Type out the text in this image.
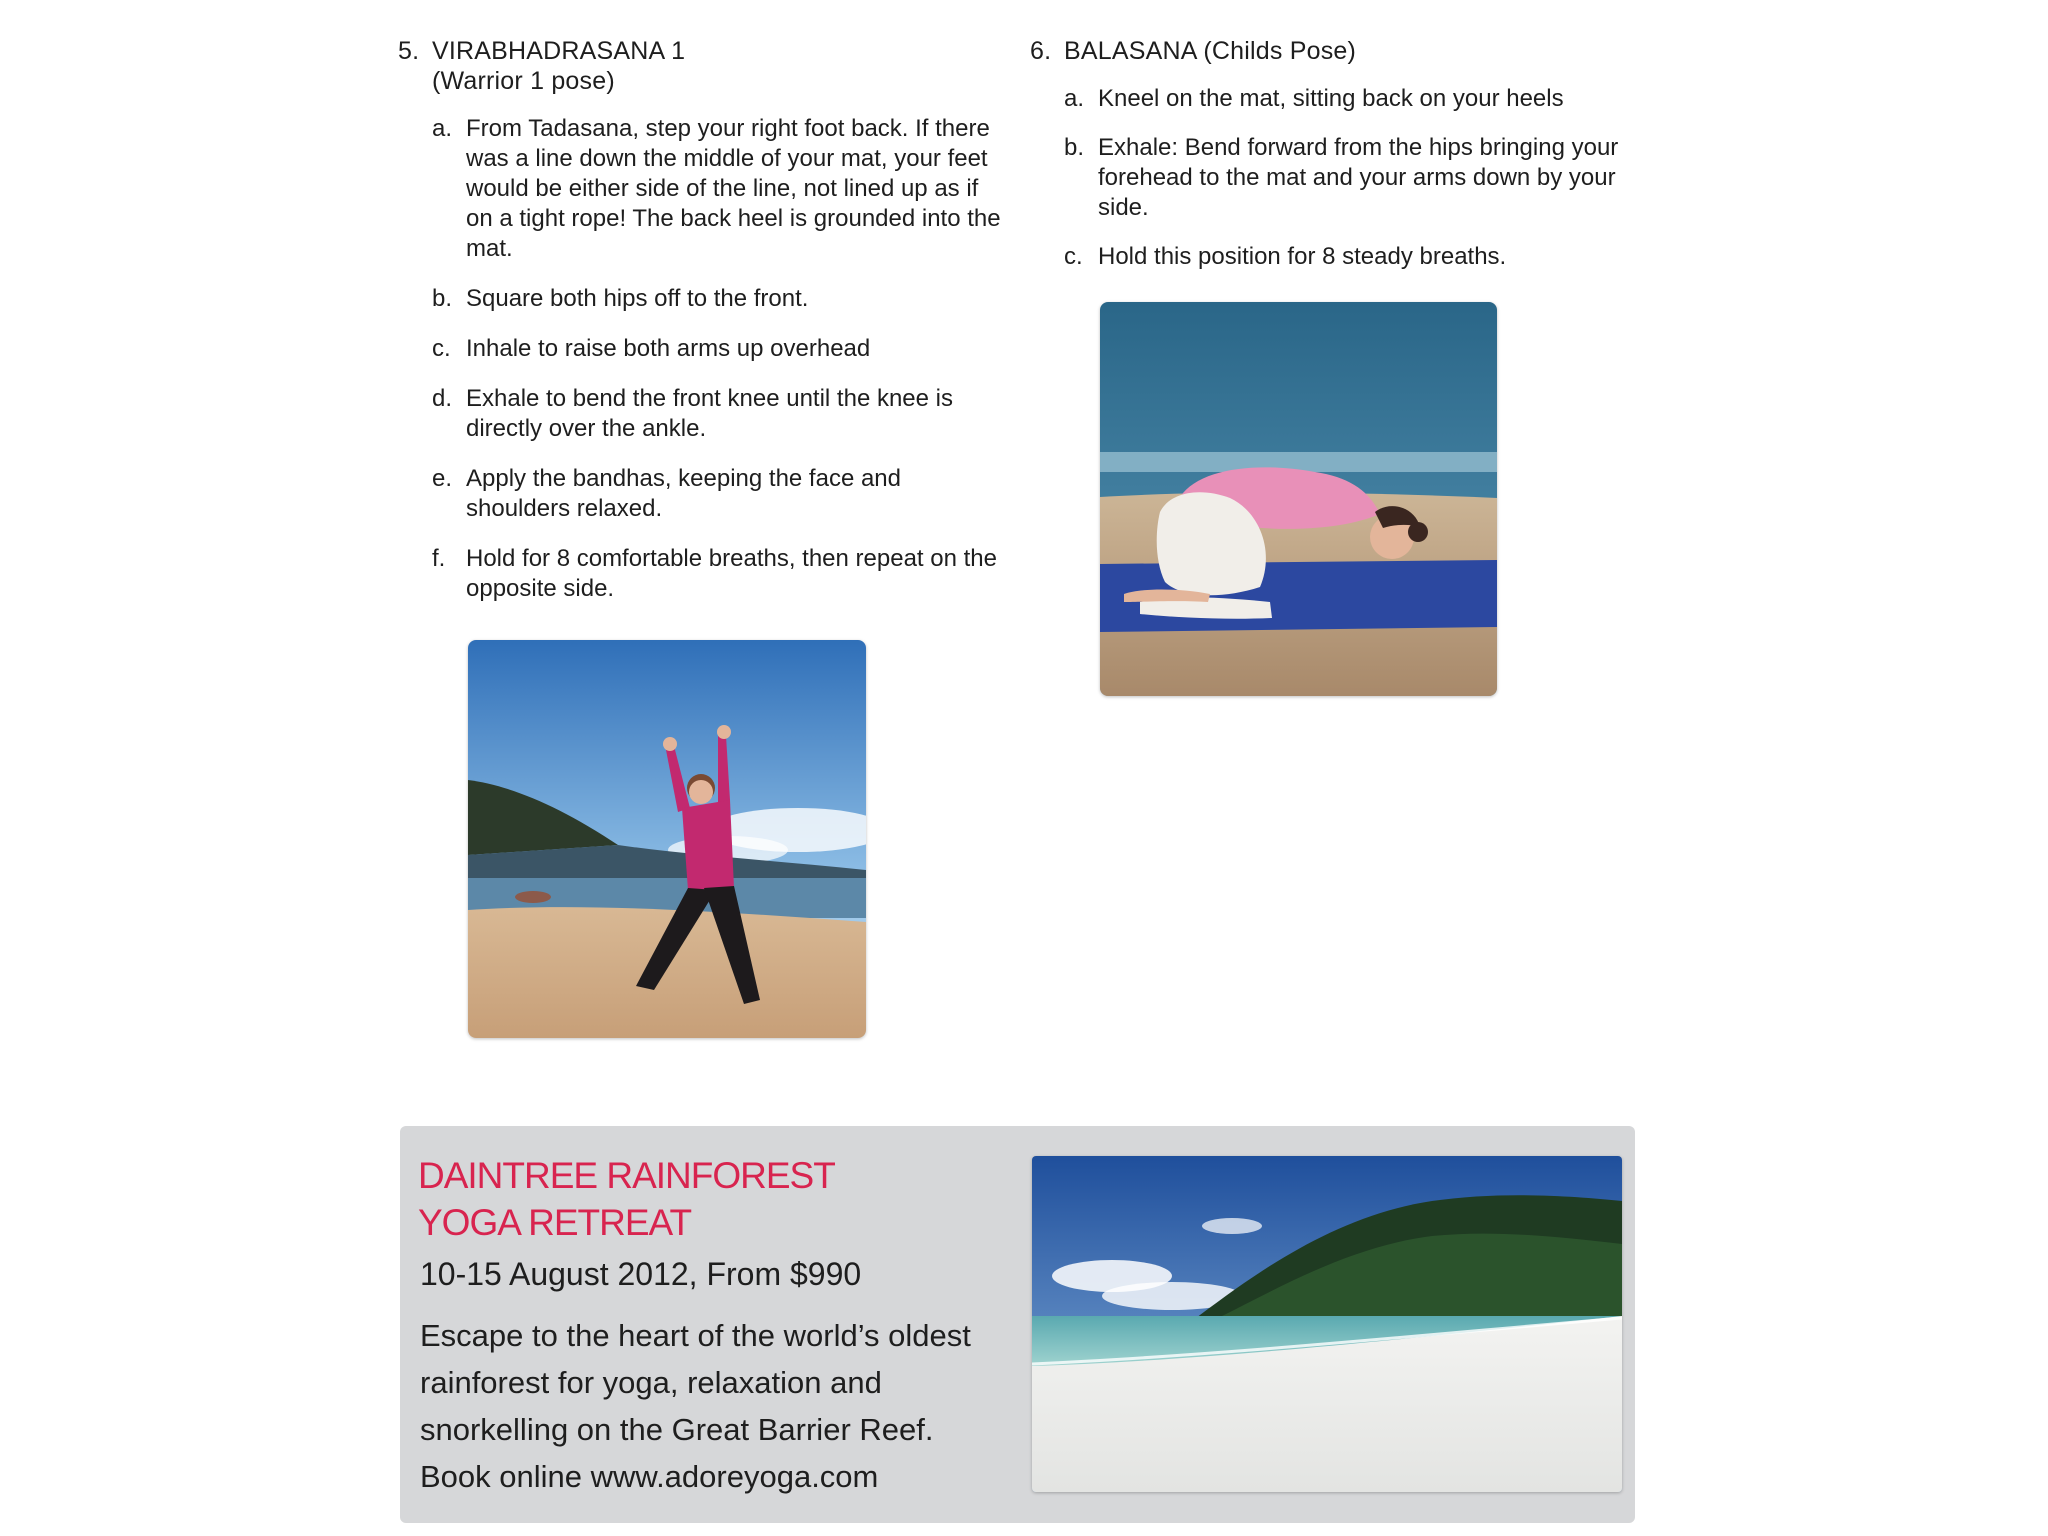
5. VIRABHADRASANA 1
(Warrior 1 pose)
a. From Tadasana, step your right foot back. If there was a line down the middle of your mat, your feet would be either side of the line, not lined up as if on a tight rope! The back heel is grounded into the mat.
b. Square both hips off to the front.
c. Inhale to raise both arms up overhead
d. Exhale to bend the front knee until the knee is directly over the ankle.
e. Apply the bandhas, keeping the face and shoulders relaxed.
f. Hold for 8 comfortable breaths, then repeat on the opposite side.
6. BALASANA (Childs Pose)
a. Kneel on the mat, sitting back on your heels
b. Exhale: Bend forward from the hips bringing your forehead to the mat and your arms down by your side.
c. Hold this position for 8 steady breaths.
DAINTREE RAINFOREST
YOGA RETREAT
10-15 August 2012, From $990
Escape to the heart of the world’s oldest
rainforest for yoga, relaxation and
snorkelling on the Great Barrier Reef.
Book online www.adoreyoga.com
